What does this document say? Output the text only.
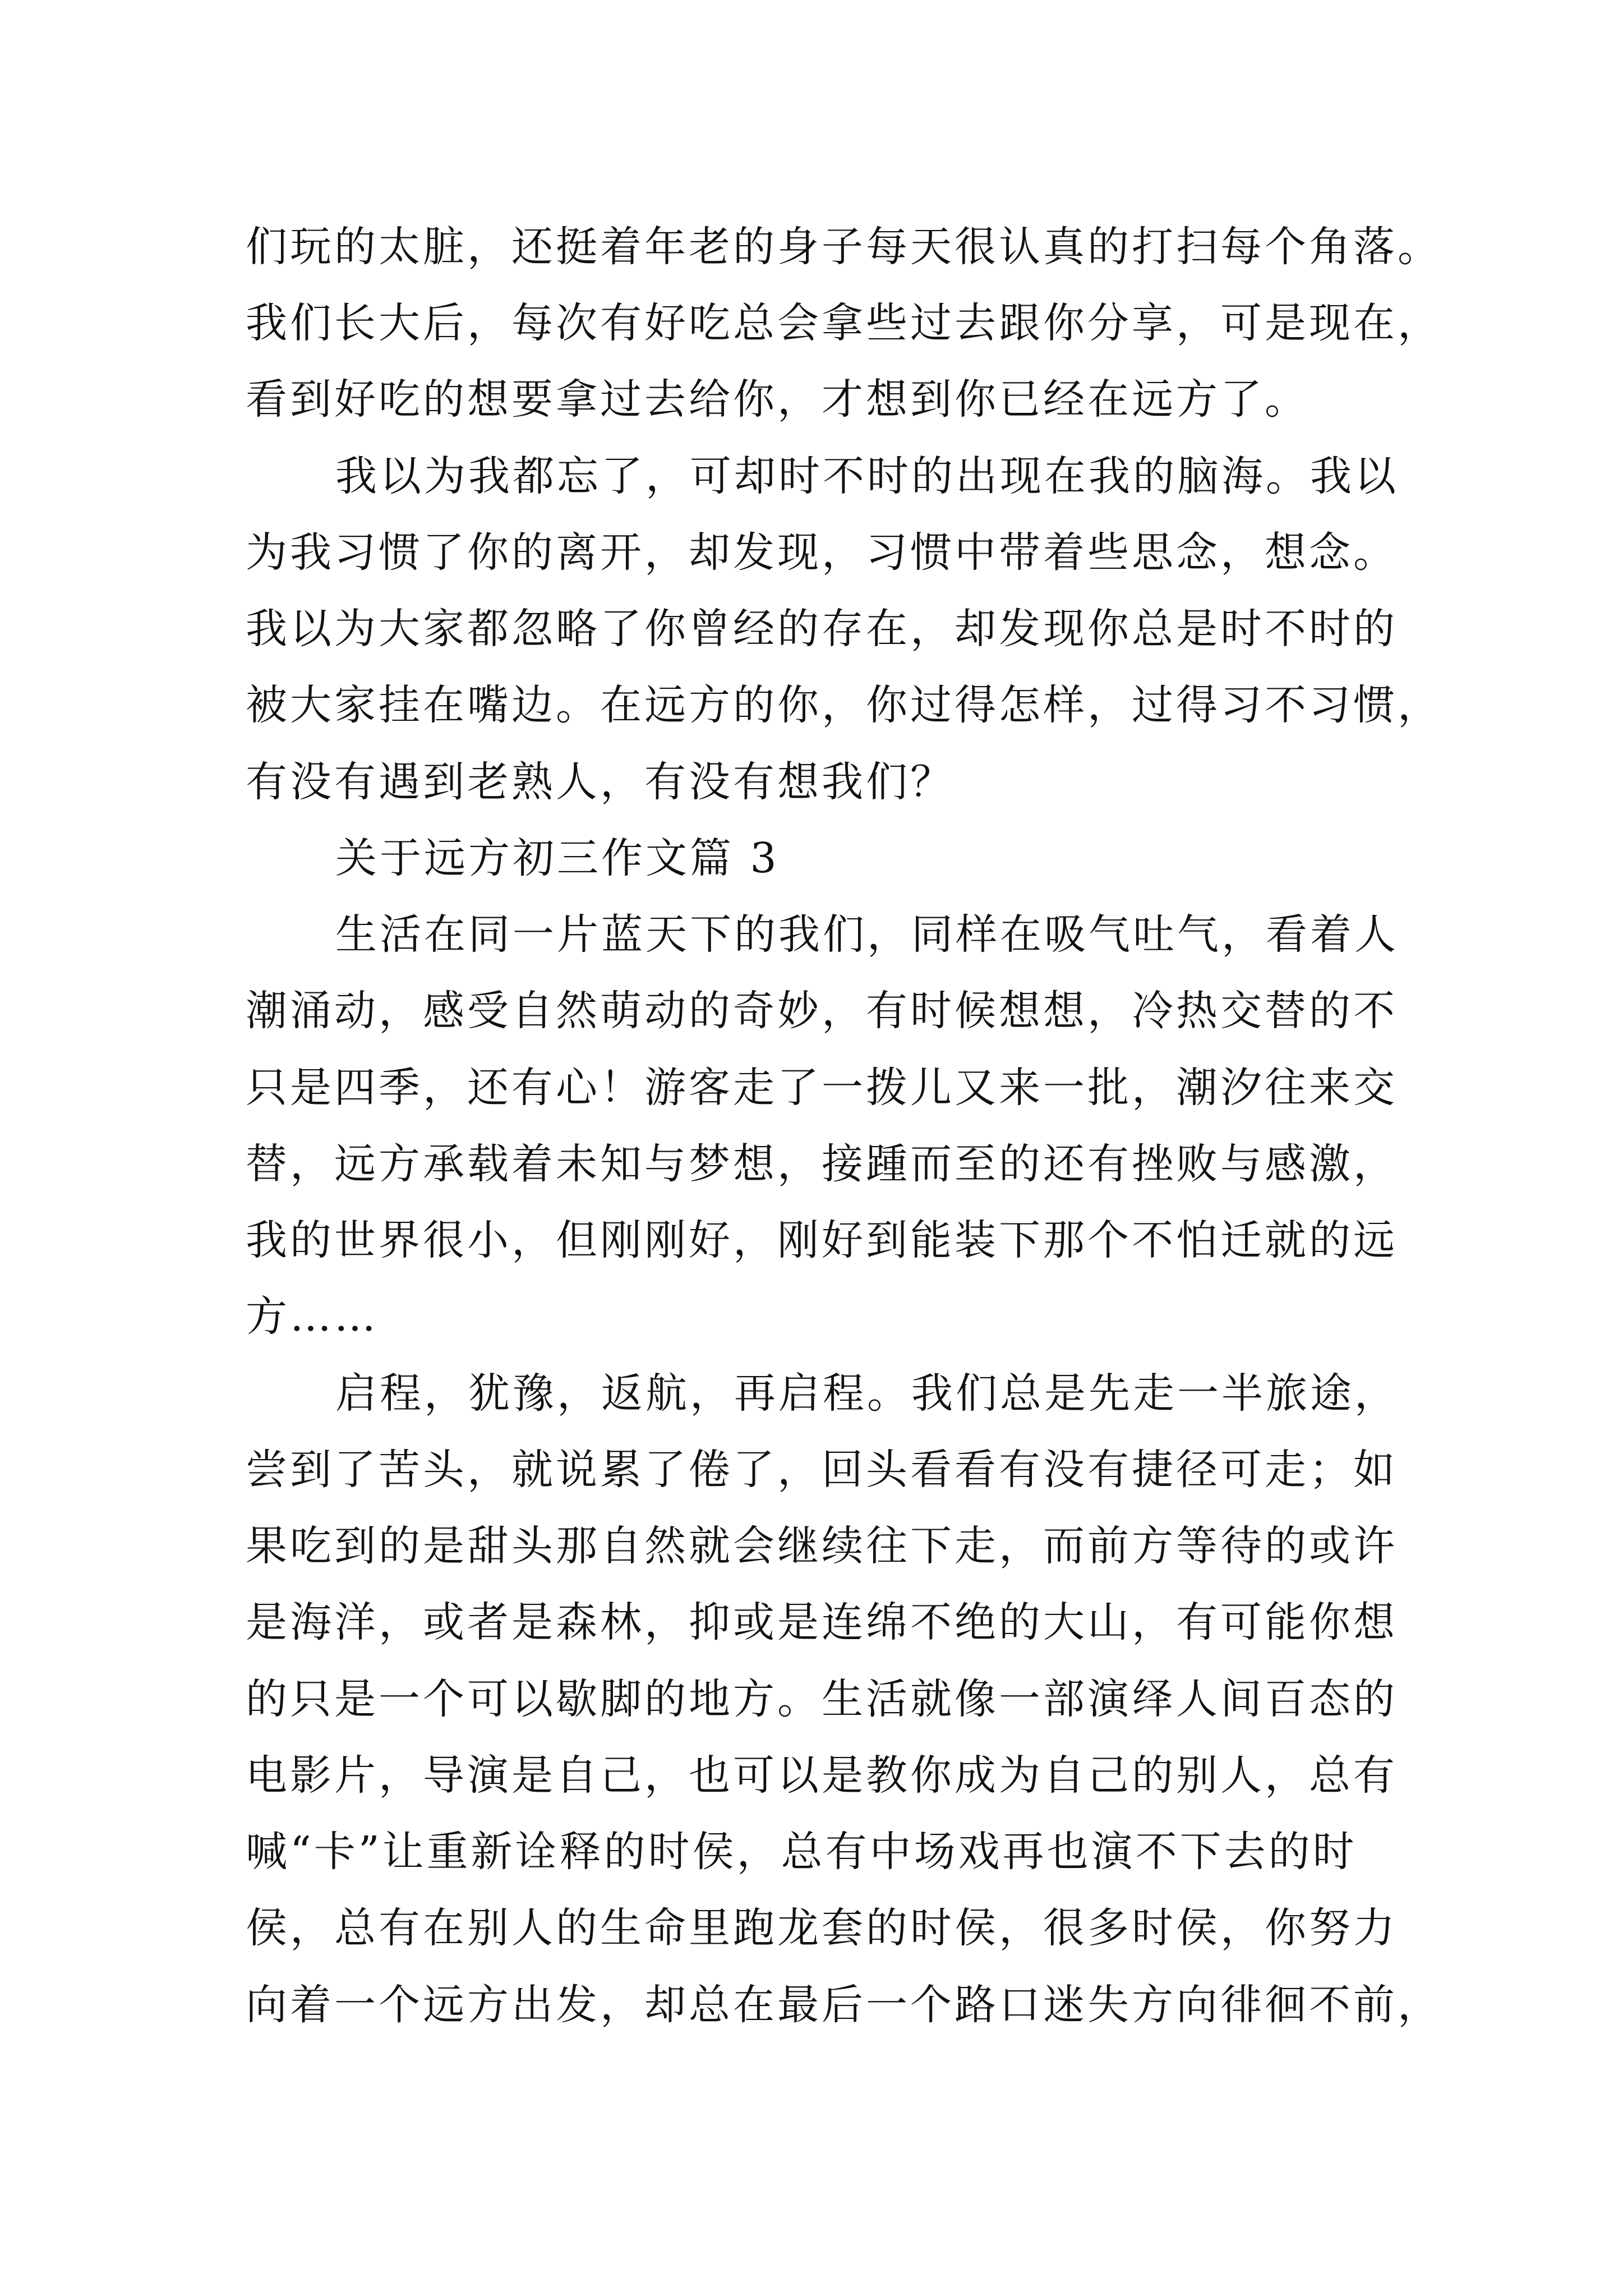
们玩的太脏，还挺着年老的身子每天很认真的打扫每个角落。
我们长大后，每次有好吃总会拿些过去跟你分享，可是现在，
看到好吃的想要拿过去给你，才想到你已经在远方了。
我以为我都忘了，可却时不时的出现在我的脑海。我以
为我习惯了你的离开，却发现，习惯中带着些思念，想念。
我以为大家都忽略了你曾经的存在，却发现你总是时不时的
被大家挂在嘴边。在远方的你，你过得怎样，过得习不习惯，
有没有遇到老熟人，有没有想我们？
关于远方初三作文篇 3
生活在同一片蓝天下的我们，同样在吸气吐气，看着人
潮涌动，感受自然萌动的奇妙，有时候想想，冷热交替的不
只是四季，还有心！游客走了一拨儿又来一批，潮汐往来交
替，远方承载着未知与梦想，接踵而至的还有挫败与感激，
我的世界很小，但刚刚好，刚好到能装下那个不怕迁就的远
方……
启程，犹豫，返航，再启程。我们总是先走一半旅途，
尝到了苦头，就说累了倦了，回头看看有没有捷径可走；如
果吃到的是甜头那自然就会继续往下走，而前方等待的或许
是海洋，或者是森林，抑或是连绵不绝的大山，有可能你想
的只是一个可以歇脚的地方。生活就像一部演绎人间百态的
电影片，导演是自己，也可以是教你成为自己的别人，总有
喊“卡”让重新诠释的时侯，总有中场戏再也演不下去的时
侯，总有在别人的生命里跑龙套的时侯，很多时侯，你努力
向着一个远方出发，却总在最后一个路口迷失方向徘徊不前，
